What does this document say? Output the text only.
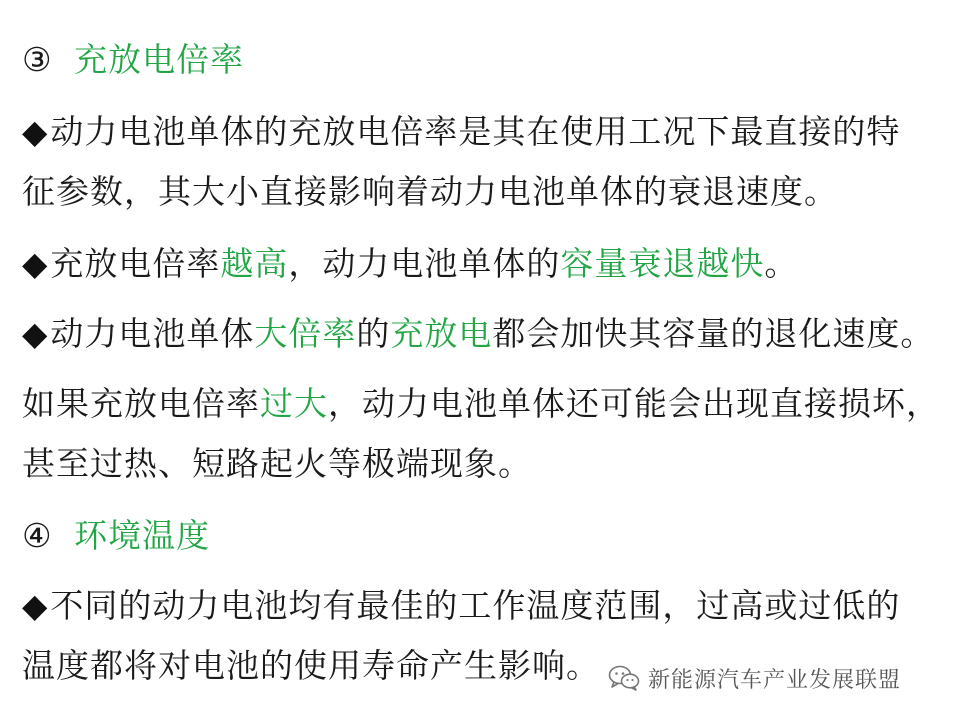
③ 充放电倍率
◆动力电池单体的充放电倍率是其在使用工况下最直接的特
征参数，其大小直接影响着动力电池单体的衰退速度。
◆充放电倍率越高，动力电池单体的容量衰退越快。
◆动力电池单体大倍率的充放电都会加快其容量的退化速度。
如果充放电倍率过大，动力电池单体还可能会出现直接损坏，
甚至过热、短路起火等极端现象。
④ 环境温度
◆不同的动力电池均有最佳的工作温度范围，过高或过低的
温度都将对电池的使用寿命产生影响。 新能源汽车产业发展联盟
